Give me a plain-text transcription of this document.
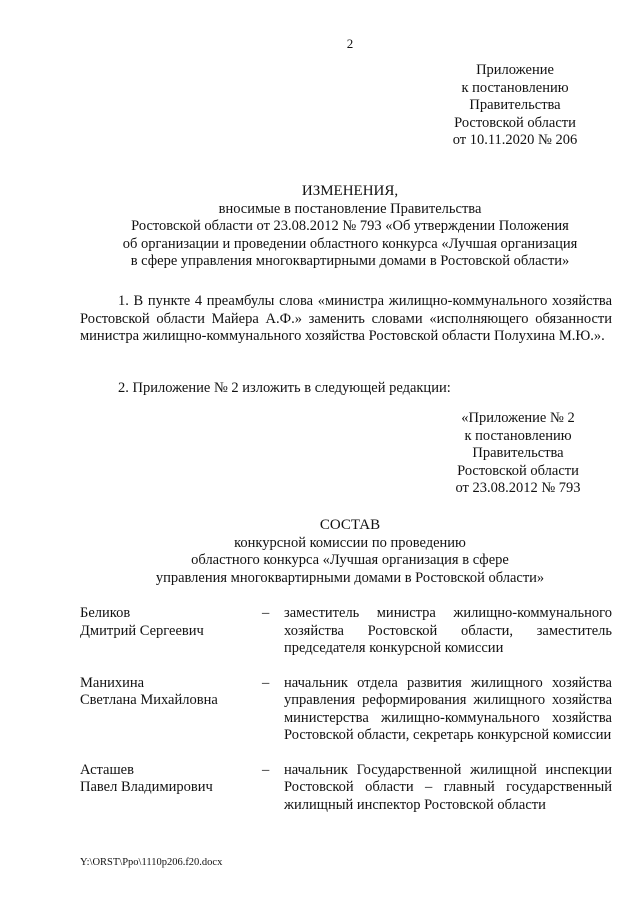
2
Приложение
к постановлению
Правительства
Ростовской области
от 10.11.2020 № 206
ИЗМЕНЕНИЯ,
вносимые в постановление Правительства
Ростовской области от 23.08.2012 № 793 «Об утверждении Положения
об организации и проведении областного конкурса «Лучшая организация
в сфере управления многоквартирными домами в Ростовской области»

1. В пункте 4 преамбулы слова «министра жилищно-коммунального хозяйства Ростовской области Майера А.Ф.» заменить словами «исполняющего обязанности министра жилищно-коммунального хозяйства Ростовской области Полухина М.Ю.».

2. Приложение № 2 изложить в следующей редакции:

«Приложение № 2
к постановлению
Правительства
Ростовской области
от 23.08.2012 № 793
СОСТАВ
конкурсной комиссии по проведению
областного конкурса «Лучшая организация в сфере
управления многоквартирными домами в Ростовской области»
Беликов
Дмитрий Сергеевич
–	заместитель министра жилищно-коммунального хозяйства Ростовской области, заместитель председателя конкурсной комиссии
Манихина
Светлана Михайловна
–	начальник отдела развития жилищного хозяйства управления реформирования жилищного хозяйства министерства жилищно-коммунального хозяйства Ростовской области, секретарь конкурсной комиссии
Асташев
Павел Владимирович
–	начальник Государственной жилищной инспекции Ростовской области – главный государственный жилищный инспектор Ростовской области
Y:\ORST\Ppo\1110p206.f20.docx
